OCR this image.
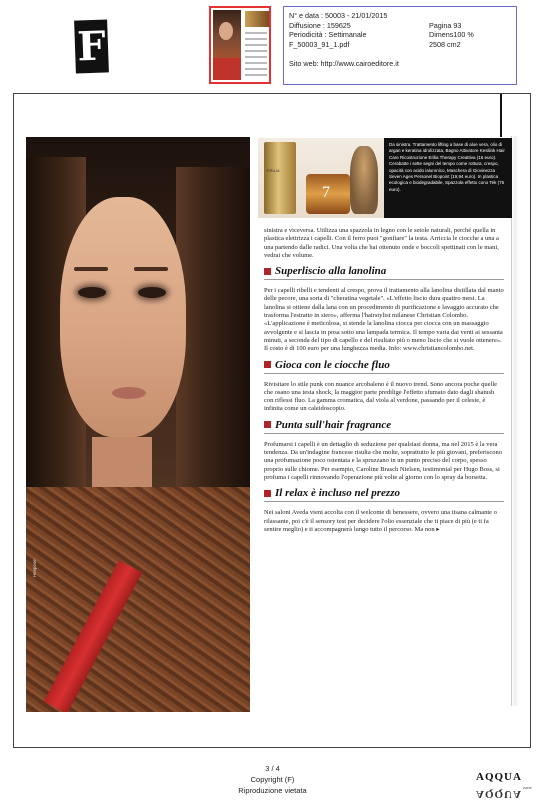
F
N° e data : 50003 - 21/01/2015
Diffusione : 159625	Pagina 93
Periodicità : Settimanale	Dimens100 %
F_50003_91_1.pdf	2508 cm2
Sito web: http://www.cairoeditore.it
Hexpose
ERILIA
7
Da sinistra. Trattamento lifting a base di aloe vera, olio di argan e keratina idrolizzata, Bagno Attivatore Kesilink Hair Care Ricostruzione Erilia Therapy Creattiva (16 euro). Cerabatte i sette segni del tempo come rottura, crespo, opacità con acido ialuronico, Maschera di Giovinezza Seven Ages Personel Biopoint (19,94 euro). In plastica ecologica e biodegradabile, Spazzola effetto cono Tek (75 euro).

sinistra e viceversa. Utilizza una spazzola in legno con le setole naturali, perché quella in plastica elettrizza i capelli. Con il ferro puoi "gonfiare" la testa. Arriccia le ciocche a una a una partendo dalle radici. Una volta che hai ottenuto onde e boccoli spettinati con le mani, vedrai che volume.

Superliscio alla lanolina

Per i capelli ribelli e tendenti al crespo, prova il trattamento alla lanolina distillata dal manto delle pecore, una sorta di "cheratina vegetale". «L'effetto liscio dura quattro mesi. La lanolina si ottiene dalla lana con un procedimento di purificazione e lavaggio accurato che trasforma l'estratto in siero», afferma l'hairstylist milanese Christian Colombo. «L'applicazione è meticolosa, si stende la lanolina ciocca per ciocca con un massaggio avvolgente e si lascia in posa sotto una lampada termica. Il tempo varia dai venti ai sessanta minuti, a seconda del tipo di capello e del risultato più o meno liscio che si vuole ottenere». Il costo è di 100 euro per una lunghezza media. Info: www.christiancolombo.net.

Gioca con le ciocche fluo

Rivisitare lo stile punk con nuance arcobaleno è il nuovo trend. Sono ancora poche quelle che osano una testa shock, la maggior parte predilige l'effetto sfumato dato dagli shatush con riflessi fluo. La gamma cromatica, dal viola al verdone, passando per il celeste, è infinita come un caleidoscopio.

Punta sull'hair fragrance

Profumarsi i capelli è un dettaglio di seduzione per qualsiasi donna, ma nel 2015 è la vera tendenza. Da un'indagine francese risulta che molte, soprattutto le più giovani, preferiscono una profumazione poco ostentata e la spruzzano in un punto preciso del corpo, spesso proprio sulle chiome. Per esempio, Caroline Brasch Nielsen, testimonial per Hugo Boss, si profuma i capelli rinnovando l'operazione più volte al giorno con lo spray da borsetta.

Il relax è incluso nel prezzo

Nei saloni Aveda vieni accolta con il welcome di benessere, ovvero una tisana calmante o rilassante, poi c'è il sensory test per decidere l'olio essenziale che ti piace di più (e ti fa sentire meglio) e ti accompagnerà lungo tutto il percorso. Ma non ▸

3 / 4
Copyright (F)
Riproduzione vietata
AQQUA
AQQUA
zone
